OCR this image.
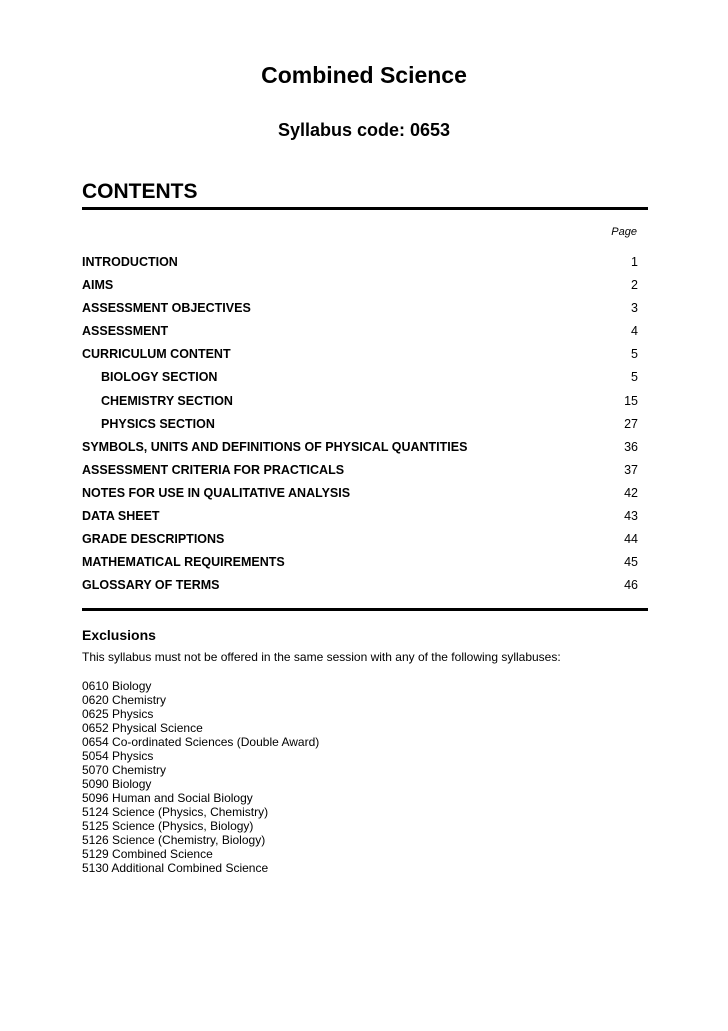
Combined Science
Syllabus code: 0653
CONTENTS
Page
INTRODUCTION	1
AIMS	2
ASSESSMENT OBJECTIVES	3
ASSESSMENT	4
CURRICULUM CONTENT	5
BIOLOGY SECTION	5
CHEMISTRY SECTION	15
PHYSICS SECTION	27
SYMBOLS, UNITS AND DEFINITIONS OF PHYSICAL QUANTITIES	36
ASSESSMENT CRITERIA FOR PRACTICALS	37
NOTES FOR USE IN QUALITATIVE ANALYSIS	42
DATA SHEET	43
GRADE DESCRIPTIONS	44
MATHEMATICAL REQUIREMENTS	45
GLOSSARY OF TERMS	46
Exclusions
This syllabus must not be offered in the same session with any of the following syllabuses:
0610 Biology
0620 Chemistry
0625 Physics
0652 Physical Science
0654 Co-ordinated Sciences (Double Award)
5054 Physics
5070 Chemistry
5090 Biology
5096 Human and Social Biology
5124 Science (Physics, Chemistry)
5125 Science (Physics, Biology)
5126 Science (Chemistry, Biology)
5129 Combined Science
5130 Additional Combined Science
